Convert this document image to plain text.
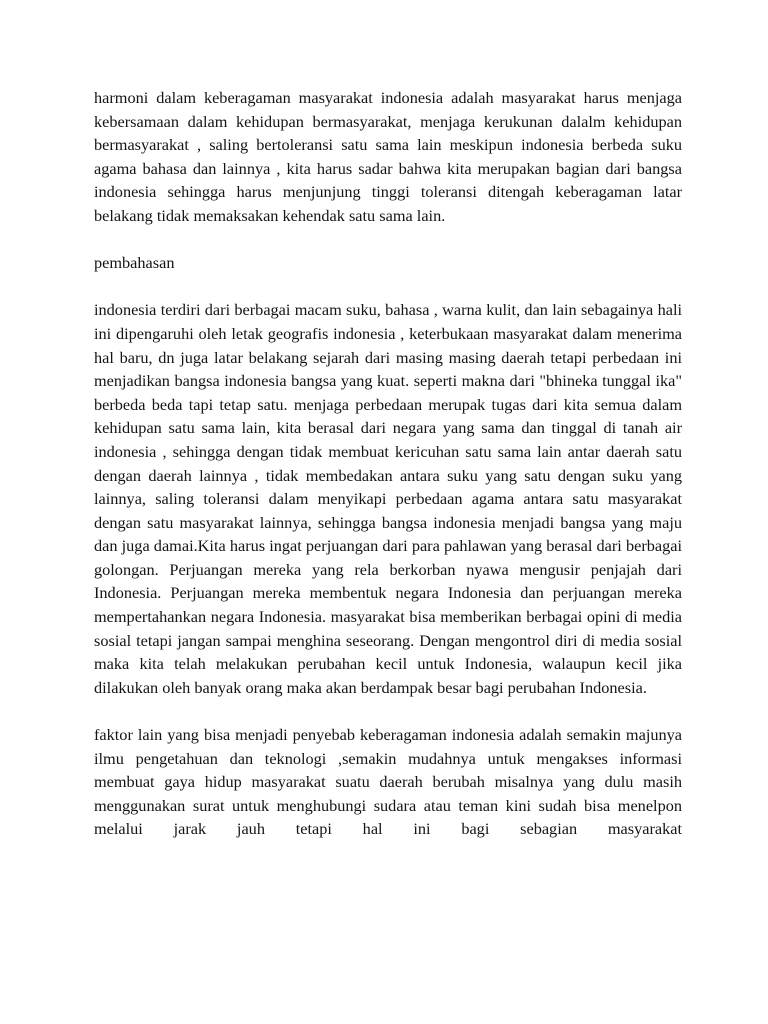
harmoni dalam keberagaman masyarakat indonesia adalah masyarakat harus menjaga kebersamaan dalam kehidupan bermasyarakat, menjaga kerukunan dalalm kehidupan bermasyarakat , saling bertoleransi satu sama lain meskipun indonesia berbeda suku agama bahasa dan lainnya , kita harus sadar bahwa kita merupakan bagian dari bangsa indonesia sehingga harus menjunjung tinggi toleransi ditengah keberagaman latar belakang tidak memaksakan kehendak satu sama lain.

pembahasan

indonesia terdiri dari berbagai macam suku, bahasa , warna kulit, dan lain sebagainya hali ini dipengaruhi oleh letak geografis indonesia , keterbukaan masyarakat dalam menerima hal baru, dn juga latar belakang sejarah dari masing masing daerah tetapi perbedaan ini menjadikan bangsa indonesia bangsa yang kuat. seperti makna dari "bhineka tunggal ika" berbeda beda tapi tetap satu. menjaga perbedaan merupak tugas dari kita semua dalam kehidupan satu sama lain, kita berasal dari negara yang sama dan tinggal di tanah air indonesia , sehingga dengan tidak membuat kericuhan satu sama lain antar daerah satu dengan daerah lainnya , tidak membedakan antara suku yang satu dengan suku yang lainnya, saling toleransi dalam menyikapi perbedaan agama antara satu masyarakat dengan satu masyarakat lainnya, sehingga bangsa indonesia menjadi bangsa yang maju dan juga damai.Kita harus ingat perjuangan dari para pahlawan yang berasal dari berbagai golongan. Perjuangan mereka yang rela berkorban nyawa mengusir penjajah dari Indonesia. Perjuangan mereka membentuk negara Indonesia dan perjuangan mereka mempertahankan negara Indonesia. masyarakat bisa memberikan berbagai opini di media sosial tetapi jangan sampai menghina seseorang. Dengan mengontrol diri di media sosial maka kita telah melakukan perubahan kecil untuk Indonesia, walaupun kecil jika dilakukan oleh banyak orang maka akan berdampak besar bagi perubahan Indonesia.

faktor lain yang bisa menjadi penyebab keberagaman indonesia adalah semakin majunya ilmu pengetahuan dan teknologi ,semakin mudahnya untuk mengakses informasi membuat gaya hidup masyarakat suatu daerah berubah misalnya yang dulu masih menggunakan surat untuk menghubungi sudara atau teman kini sudah bisa menelpon melalui jarak jauh tetapi hal ini bagi sebagian masyarakat
